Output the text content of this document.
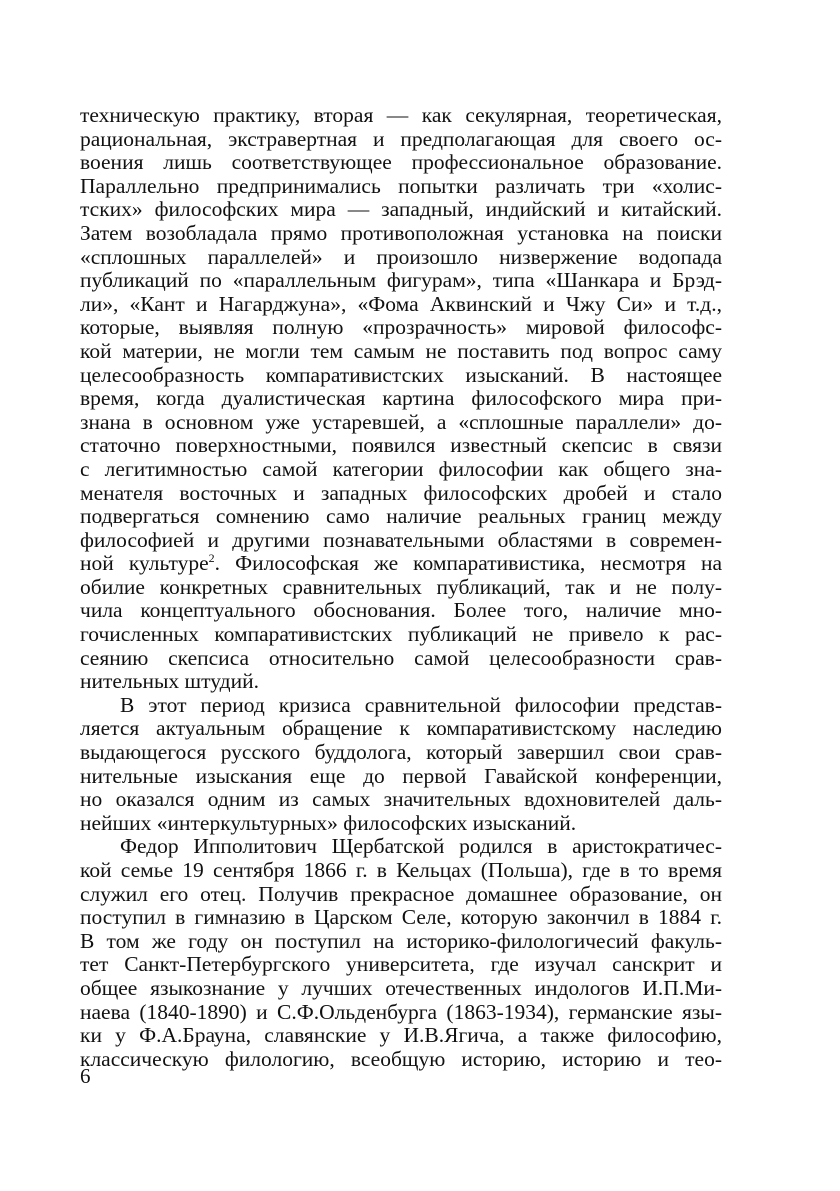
техническую практику, вторая — как секулярная, теоретическая,
рациональная, экстравертная и предполагающая для своего ос-
воения лишь соответствующее профессиональное образование.
Параллельно предпринимались попытки различать три «холис-
тских» философских мира — западный, индийский и китайский.
Затем возобладала прямо противоположная установка на поиски
«сплошных параллелей» и произошло низвержение водопада
публикаций по «параллельным фигурам», типа «Шанкара и Брэд-
ли», «Кант и Нагарджуна», «Фома Аквинский и Чжу Си» и т.д.,
которые, выявляя полную «прозрачность» мировой философс-
кой материи, не могли тем самым не поставить под вопрос саму
целесообразность компаративистских изысканий. В настоящее
время, когда дуалистическая картина философского мира при-
знана в основном уже устаревшей, а «сплошные параллели» до-
статочно поверхностными, появился известный скепсис в связи
с легитимностью самой категории философии как общего зна-
менателя восточных и западных философских дробей и стало
подвергаться сомнению само наличие реальных границ между
философией и другими познавательными областями в современ-
ной культуре$^2$. Философская же компаративистика, несмотря на
обилие конкретных сравнительных публикаций, так и не полу-
чила концептуального обоснования. Более того, наличие мно-
гочисленных компаративистских публикаций не привело к рас-
сеянию скепсиса относительно самой целесообразности срав-
нительных штудий.
В этот период кризиса сравнительной философии представ-
ляется актуальным обращение к компаративистскому наследию
выдающегося русского буддолога, который завершил свои срав-
нительные изыскания еще до первой Гавайской конференции,
но оказался одним из самых значительных вдохновителей даль-
нейших «интеркультурных» философских изысканий.
Федор Ипполитович Щербатской родился в аристократичес-
кой семье 19 сентября 1866 г. в Кельцах (Польша), где в то время
служил его отец. Получив прекрасное домашнее образование, он
поступил в гимназию в Царском Селе, которую закончил в 1884 г.
В том же году он поступил на историко-филологичесий факуль-
тет Санкт-Петербургского университета, где изучал санскрит и
общее языкознание у лучших отечественных индологов И.П.Ми-
наева (1840-1890) и С.Ф.Ольденбурга (1863-1934), германские язы-
ки у Ф.А.Брауна, славянские у И.В.Ягича, а также философию,
классическую филологию, всеобщую историю, историю и тео-
6
